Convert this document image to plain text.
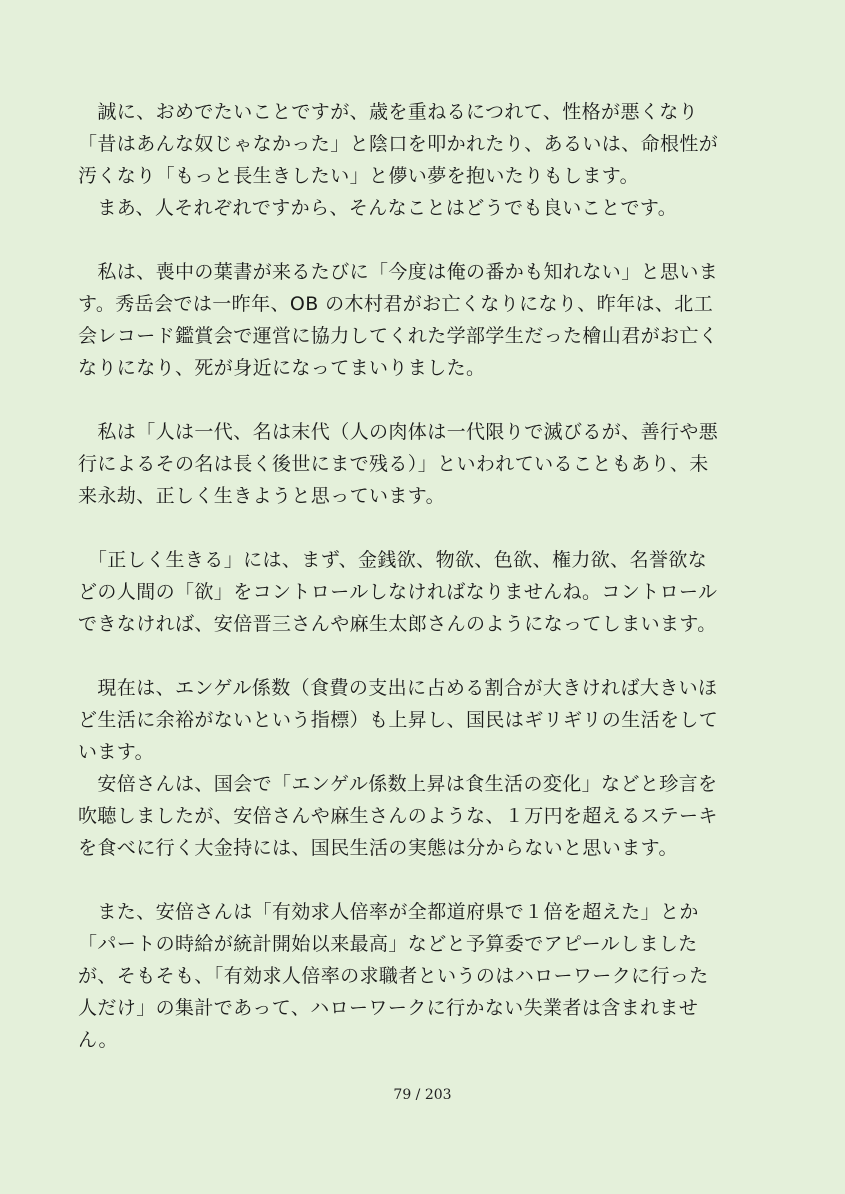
　誠に、おめでたいことですが、歳を重ねるにつれて、性格が悪くなり
「昔はあんな奴じゃなかった」と陰口を叩かれたり、あるいは、命根性が
汚くなり「もっと長生きしたい」と儚い夢を抱いたりもします。
　まあ、人それぞれですから、そんなことはどうでも良いことです。
　私は、喪中の葉書が来るたびに「今度は俺の番かも知れない」と思いま
す。秀岳会では一昨年、OB の木村君がお亡くなりになり、昨年は、北工
会レコード鑑賞会で運営に協力してくれた学部学生だった檜山君がお亡く
なりになり、死が身近になってまいりました。
　私は「人は一代、名は末代（人の肉体は一代限りで滅びるが、善行や悪
行によるその名は長く後世にまで残る）」といわれていることもあり、未
来永劫、正しく生きようと思っています。
　「正しく生きる」には、まず、金銭欲、物欲、色欲、権力欲、名誉欲な
どの人間の「欲」をコントロールしなければなりませんね。コントロール
できなければ、安倍晋三さんや麻生太郎さんのようになってしまいます。
　現在は、エンゲル係数（食費の支出に占める割合が大きければ大きいほ
ど生活に余裕がないという指標）も上昇し、国民はギリギリの生活をして
います。
　安倍さんは、国会で「エンゲル係数上昇は食生活の変化」などと珍言を
吹聴しましたが、安倍さんや麻生さんのような、１万円を超えるステーキ
を食べに行く大金持には、国民生活の実態は分からないと思います。
　また、安倍さんは「有効求人倍率が全都道府県で１倍を超えた」とか
「パートの時給が統計開始以来最高」などと予算委でアピールしました
が、そもそも、「有効求人倍率の求職者というのはハローワークに行った
人だけ」の集計であって、ハローワークに行かない失業者は含まれませ
ん。
79 / 203
